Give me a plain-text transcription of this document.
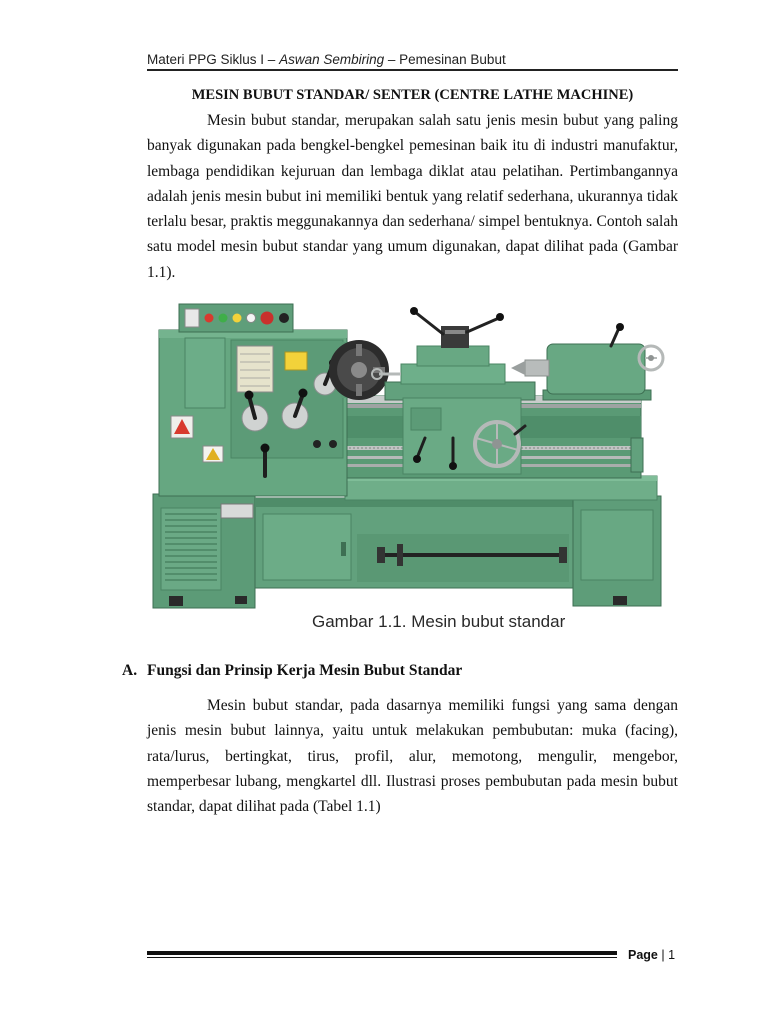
Materi PPG Siklus I – Aswan Sembiring – Pemesinan Bubut
MESIN BUBUT STANDAR/ SENTER (CENTRE LATHE MACHINE)

Mesin bubut standar, merupakan salah satu jenis mesin bubut yang paling banyak digunakan pada bengkel-bengkel pemesinan baik itu di industri manufaktur, lembaga pendidikan kejuruan dan lembaga diklat atau pelatihan. Pertimbangannya adalah jenis mesin bubut ini memiliki bentuk yang relatif sederhana, ukurannya tidak terlalu besar, praktis meggunakannya dan sederhana/ simpel bentuknya. Contoh salah satu model mesin bubut standar yang umum digunakan, dapat dilihat pada (Gambar 1.1).

Gambar 1.1. Mesin bubut standar
A. Fungsi dan Prinsip Kerja Mesin Bubut Standar

Mesin bubut standar, pada dasarnya memiliki fungsi yang sama dengan jenis mesin bubut lainnya, yaitu untuk melakukan pembubutan: muka (facing), rata/lurus, bertingkat, tirus, profil, alur, memotong, mengulir, mengebor, memperbesar lubang, mengkartel dll. Ilustrasi proses pembubutan pada mesin bubut standar, dapat dilihat pada (Tabel 1.1)

Page | 1
